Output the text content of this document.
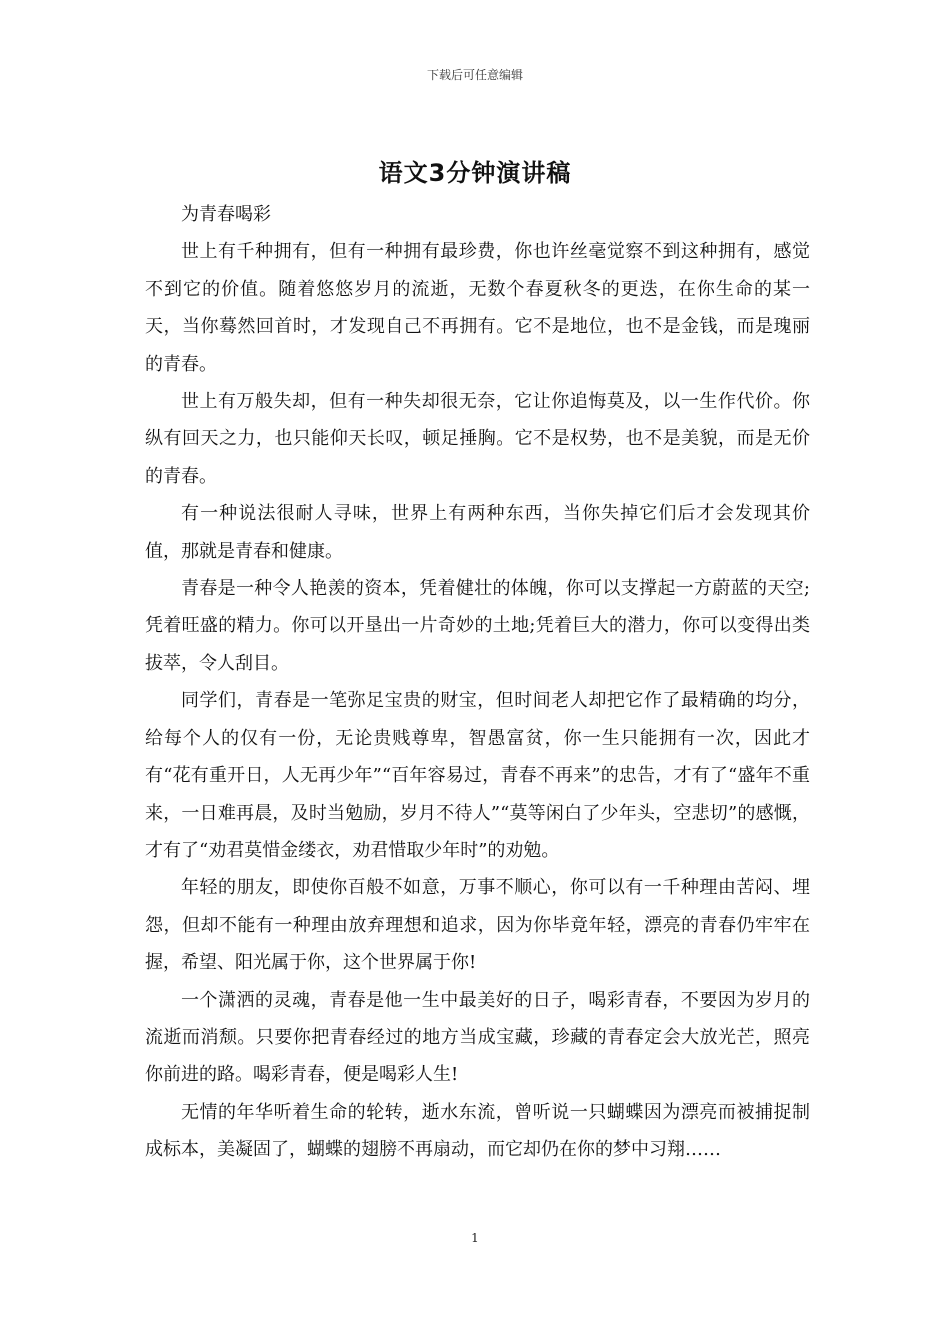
下载后可任意编辑
语文3分钟演讲稿

为青春喝彩

世上有千种拥有，但有一种拥有最珍费，你也许丝毫觉察不到这种拥有，感觉不到它的价值。随着悠悠岁月的流逝，无数个春夏秋冬的更迭，在你生命的某一天，当你蓦然回首时，才发现自己不再拥有。它不是地位，也不是金钱，而是瑰丽的青春。

世上有万般失却，但有一种失却很无奈，它让你追悔莫及，以一生作代价。你纵有回天之力，也只能仰天长叹，顿足捶胸。它不是权势，也不是美貌，而是无价的青春。

有一种说法很耐人寻味，世界上有两种东西，当你失掉它们后才会发现其价值，那就是青春和健康。

青春是一种令人艳羡的资本，凭着健壮的体魄，你可以支撑起一方蔚蓝的天空;凭着旺盛的精力。你可以开垦出一片奇妙的土地;凭着巨大的潜力，你可以变得出类拔萃，令人刮目。

同学们，青春是一笔弥足宝贵的财宝，但时间老人却把它作了最精确的均分，给每个人的仅有一份，无论贵贱尊卑，智愚富贫，你一生只能拥有一次，因此才有“花有重开日，人无再少年”“百年容易过，青春不再来”的忠告，才有了“盛年不重来，一日难再晨，及时当勉励，岁月不待人”“莫等闲白了少年头，空悲切”的感慨，才有了“劝君莫惜金缕衣，劝君惜取少年时”的劝勉。

年轻的朋友，即使你百般不如意，万事不顺心，你可以有一千种理由苦闷、埋怨，但却不能有一种理由放弃理想和追求，因为你毕竟年轻，漂亮的青春仍牢牢在握，希望、阳光属于你，这个世界属于你!

一个潇洒的灵魂，青春是他一生中最美好的日子，喝彩青春，不要因为岁月的流逝而消颓。只要你把青春经过的地方当成宝藏，珍藏的青春定会大放光芒，照亮你前进的路。喝彩青春，便是喝彩人生!

无情的年华听着生命的轮转，逝水东流，曾听说一只蝴蝶因为漂亮而被捕捉制成标本，美凝固了，蝴蝶的翅膀不再扇动，而它却仍在你的梦中习翔……

1
